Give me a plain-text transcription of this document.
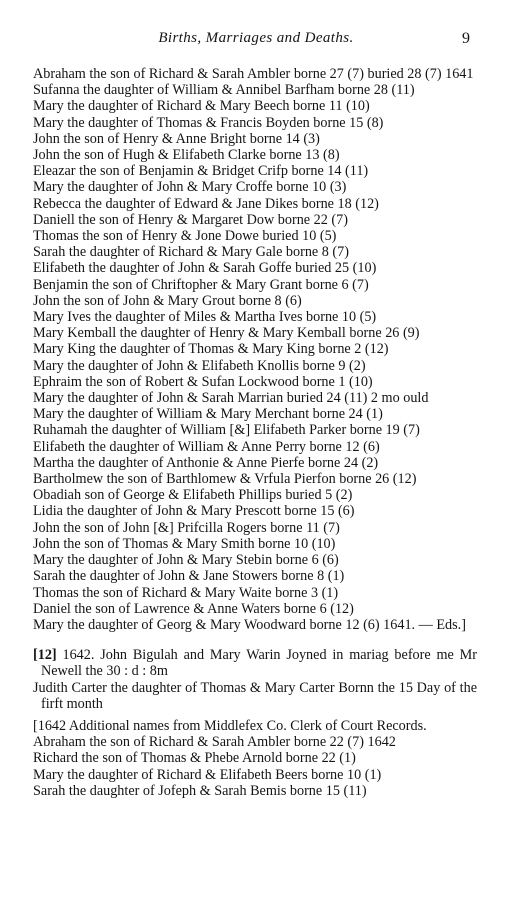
Births, Marriages and Deaths.	9

Abraham the son of Richard & Sarah Ambler borne 27 (7) buried 28 (7) 1641

Sufanna the daughter of William & Annibel Barfham borne 28 (11)

Mary the daughter of Richard & Mary Beech borne 11 (10)

Mary the daughter of Thomas & Francis Boyden borne 15 (8)

John the son of Henry & Anne Bright borne 14 (3)

John the son of Hugh & Elifabeth Clarke borne 13 (8)

Eleazar the son of Benjamin & Bridget Crifp borne 14 (11)

Mary the daughter of John & Mary Croffe borne 10 (3)

Rebecca the daughter of Edward & Jane Dikes borne 18 (12)

Daniell the son of Henry & Margaret Dow borne 22 (7)

Thomas the son of Henry & Jone Dowe buried 10 (5)

Sarah the daughter of Richard & Mary Gale borne 8 (7)

Elifabeth the daughter of John & Sarah Goffe buried 25 (10)

Benjamin the son of Chriftopher & Mary Grant borne 6 (7)

John the son of John & Mary Grout borne 8 (6)

Mary Ives the daughter of Miles & Martha Ives borne 10 (5)

Mary Kemball the daughter of Henry & Mary Kemball borne 26 (9)

Mary King the daughter of Thomas & Mary King borne 2 (12)

Mary the daughter of John & Elifabeth Knollis borne 9 (2)

Ephraim the son of Robert & Sufan Lockwood borne 1 (10)

Mary the daughter of John & Sarah Marrian buried 24 (11) 2 mo ould

Mary the daughter of William & Mary Merchant borne 24 (1)

Ruhamah the daughter of William [&] Elifabeth Parker borne 19 (7)

Elifabeth the daughter of William & Anne Perry borne 12 (6)

Martha the daughter of Anthonie & Anne Pierfe borne 24 (2)

Bartholmew the son of Barthlomew & Vrfula Pierfon borne 26 (12)

Obadiah son of George & Elifabeth Phillips buried 5 (2)

Lidia the daughter of John & Mary Prescott borne 15 (6)

John the son of John [&] Prifcilla Rogers borne 11 (7)

John the son of Thomas & Mary Smith borne 10 (10)

Mary the daughter of John & Mary Stebin borne 6 (6)

Sarah the daughter of John & Jane Stowers borne 8 (1)

Thomas the son of Richard & Mary Waite borne 3 (1)

Daniel the son of Lawrence & Anne Waters borne 6 (12)

Mary the daughter of Georg & Mary Woodward borne 12 (6) 1641. — Eds.]

[12] 1642. John Bigulah and Mary Warin Joyned in mariag before me Mr Newell the 30 : d : 8m

Judith Carter the daughter of Thomas & Mary Carter Bornn the 15 Day of the firft month

[1642 Additional names from Middlefex Co. Clerk of Court Records.

Abraham the son of Richard & Sarah Ambler borne 22 (7) 1642

Richard the son of Thomas & Phebe Arnold borne 22 (1)

Mary the daughter of Richard & Elifabeth Beers borne 10 (1)

Sarah the daughter of Jofeph & Sarah Bemis borne 15 (11)
